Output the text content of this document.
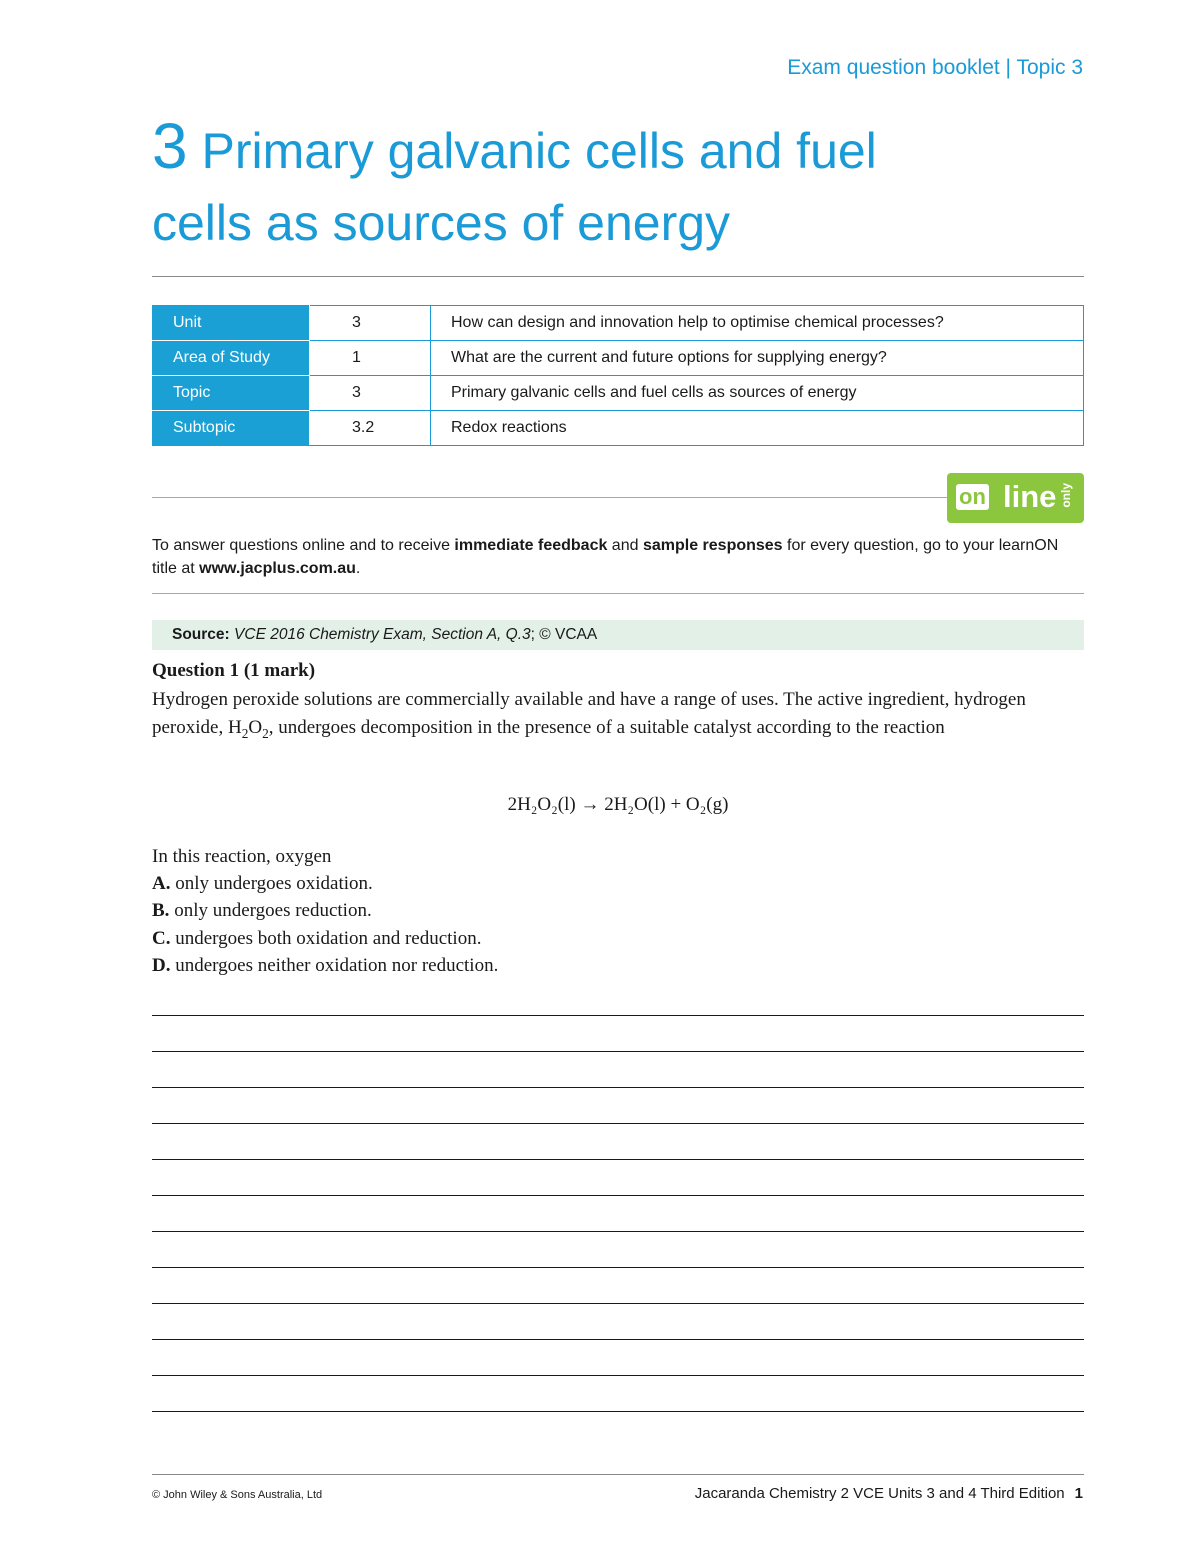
Exam question booklet | Topic 3
3 Primary galvanic cells and fuel
cells as sources of energy
Unit	3	How can design and innovation help to optimise chemical processes?
Area of Study	1	What are the current and future options for supplying energy?
Topic	3	Primary galvanic cells and fuel cells as sources of energy
Subtopic	3.2	Redox reactions
on line only
To answer questions online and to receive immediate feedback and sample responses for every question, go to your learnON title at www.jacplus.com.au.
Source: VCE 2016 Chemistry Exam, Section A, Q.3; © VCAA
Question 1 (1 mark)
Hydrogen peroxide solutions are commercially available and have a range of uses. The active ingredient, hydrogen peroxide, $H_2O_2$, undergoes decomposition in the presence of a suitable catalyst according to the reaction
2H₂O₂(l) → 2H₂O(l) + O₂(g)
In this reaction, oxygen
A. only undergoes oxidation.
B. only undergoes reduction.
C. undergoes both oxidation and reduction.
D. undergoes neither oxidation nor reduction.
© John Wiley & Sons Australia, Ltd	Jacaranda Chemistry 2 VCE Units 3 and 4 Third Edition 1
